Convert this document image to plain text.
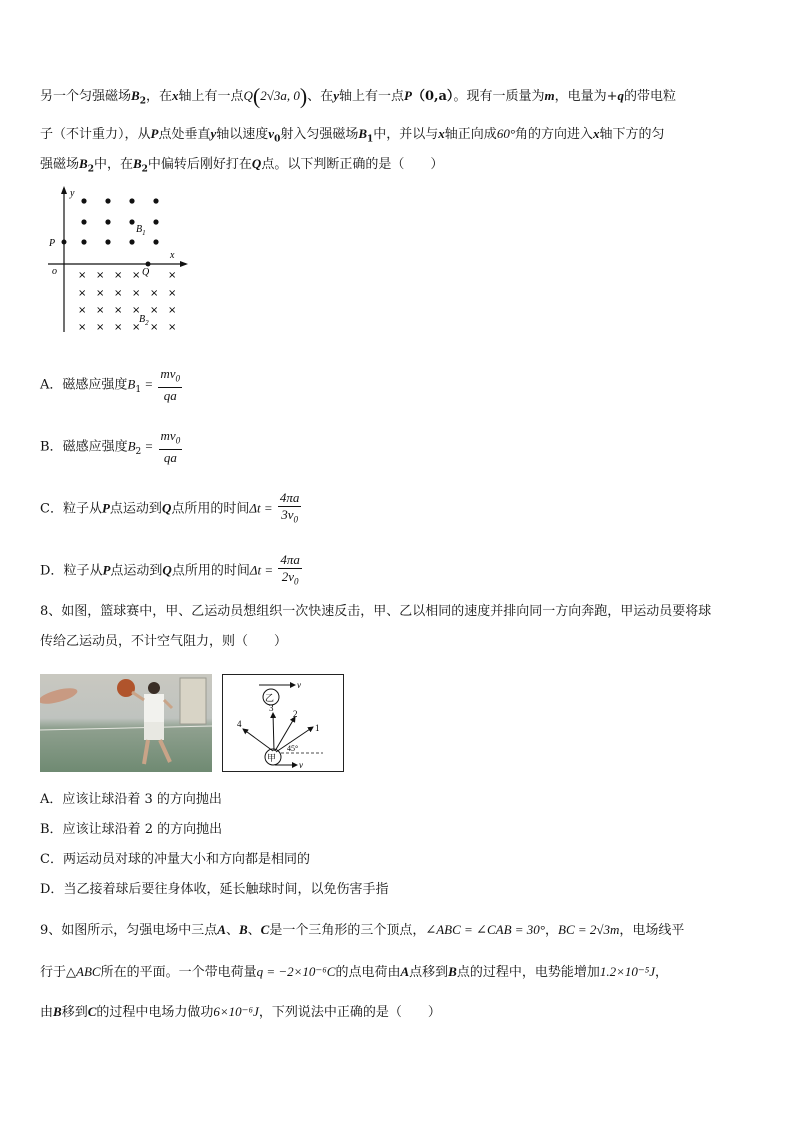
另一个匀强磁场$B_2$，在x轴上有一点Q(2√3a, 0)、在y轴上有一点P（0,a）。现有一质量为m，电量为+q的带电粒
子（不计重力），从P点处垂直y轴以速度$v_0$射入匀强磁场$B_1$中，并以与x轴正向成60°角的方向进入x轴下方的匀
强磁场$B_2$中，在$B_2$中偏转后刚好打在Q点。以下判断正确的是（　　）
y
x
o
P
$B_1$
× × × ×	×
× × × × × ×
× × × × × ×
× × × × × ×
Q
$B_2$
A．磁感应强度$B_1 = \frac{mv_0}{qa}$
B．磁感应强度$B_2 = \frac{mv_0}{qa}$
C．粒子从P点运动到Q点所用的时间$\Delta t = \frac{4\pi a}{3v_0}$
D．粒子从P点运动到Q点所用的时间$\Delta t = \frac{4\pi a}{2v_0}$
8、如图，篮球赛中，甲、乙运动员想组织一次快速反击，甲、乙以相同的速度并排向同一方向奔跑，甲运动员要将球
传给乙运动员，不计空气阻力，则（　　）
v
乙
甲
v
4
3
2
1
45°
A．应该让球沿着 3 的方向抛出
B．应该让球沿着 2 的方向抛出
C．两运动员对球的冲量大小和方向都是相同的
D．当乙接着球后要往身体收，延长触球时间，以免伤害手指
9、如图所示，匀强电场中三点A、B、C是一个三角形的三个顶点，∠ABC = ∠CAB = 30°，BC = 2√3m，电场线平
行于△ABC所在的平面。一个带电荷量q = −2×10⁻⁶C的点电荷由A点移到B点的过程中，电势能增加1.2×10⁻⁵J，
由B移到C的过程中电场力做功6×10⁻⁶J，下列说法中正确的是（　　）
